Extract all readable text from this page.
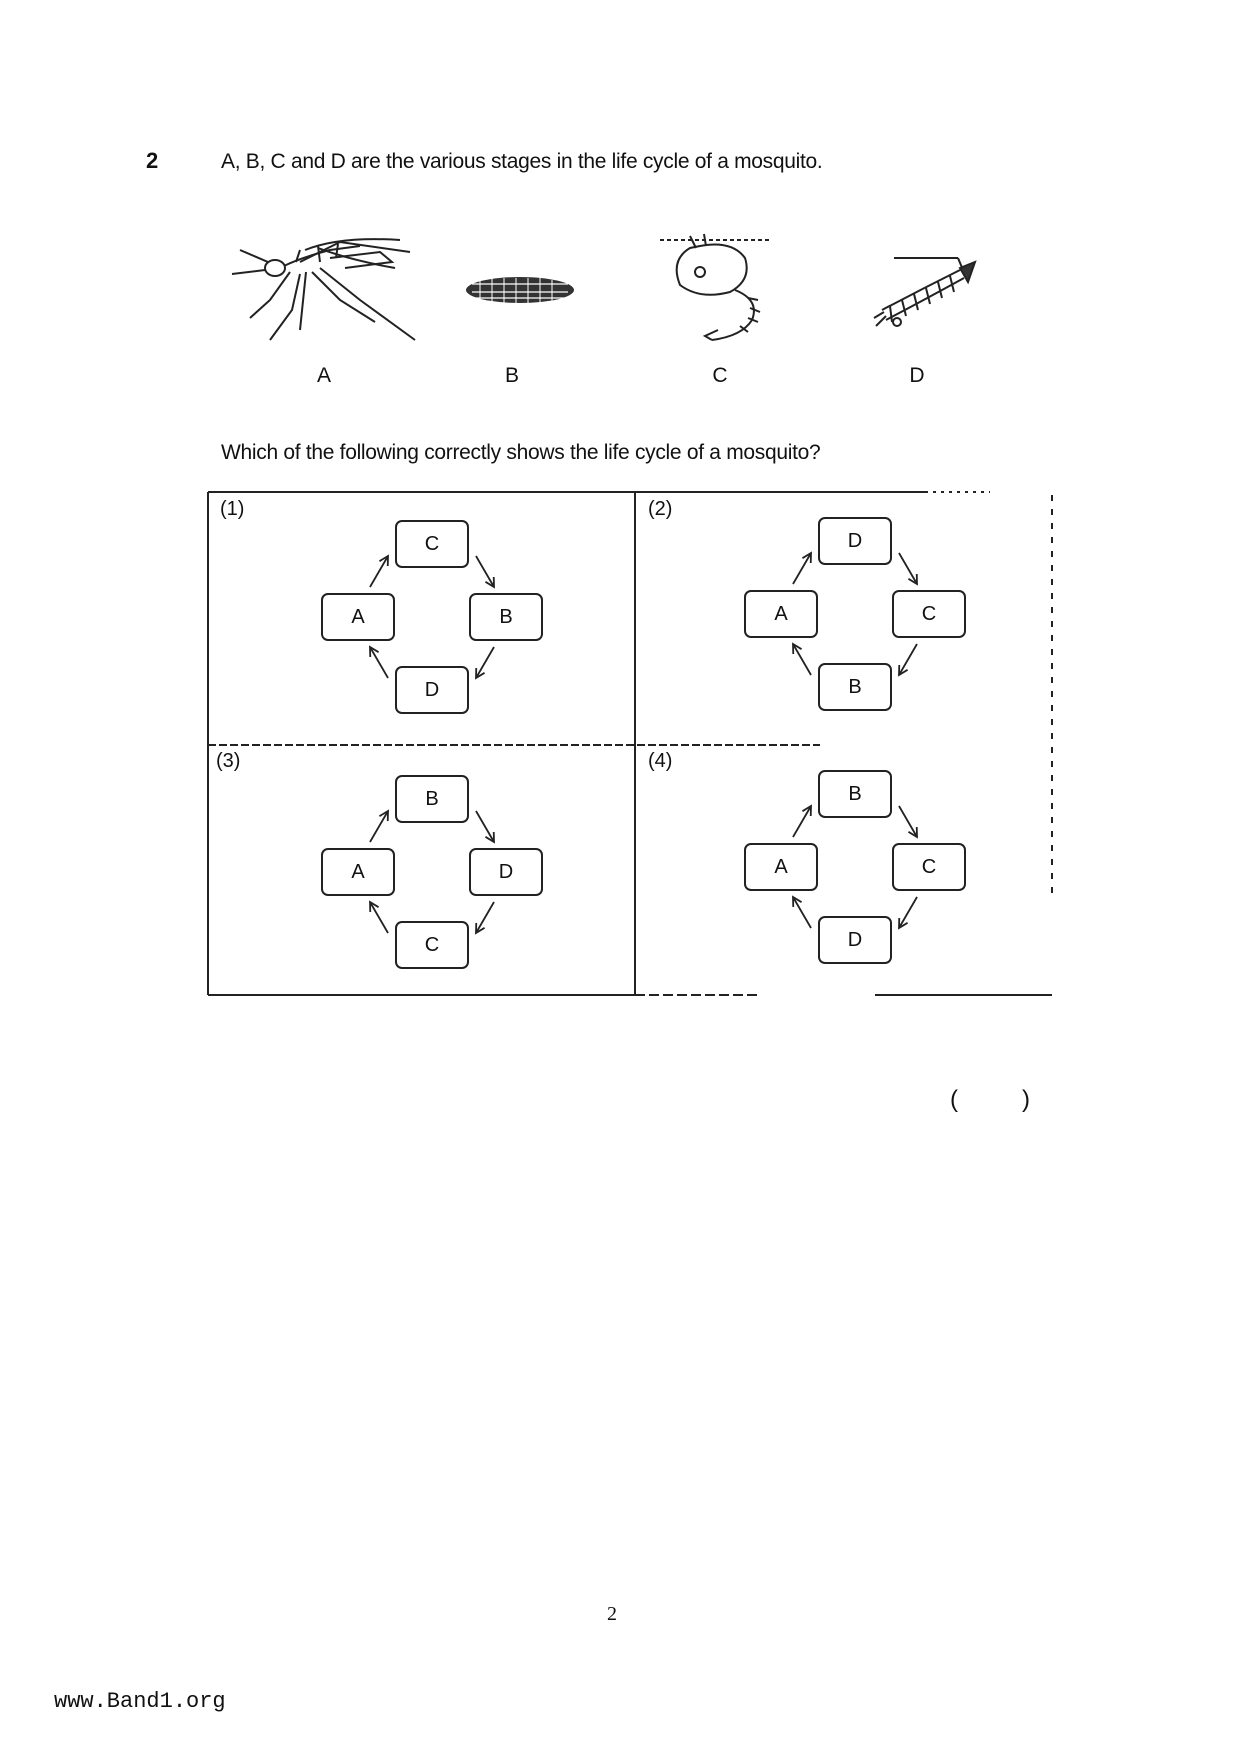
2	A, B, C and D are the various stages in the life cycle of a mosquito.
A	B	C	D
Which of the following correctly shows the life cycle of a mosquito?
C
B
D
A
D
C
B
A
B
D
C
A
B
C
D
A
(1)	(2)
(3)	(4)
(	)
2
www.Band1.org
